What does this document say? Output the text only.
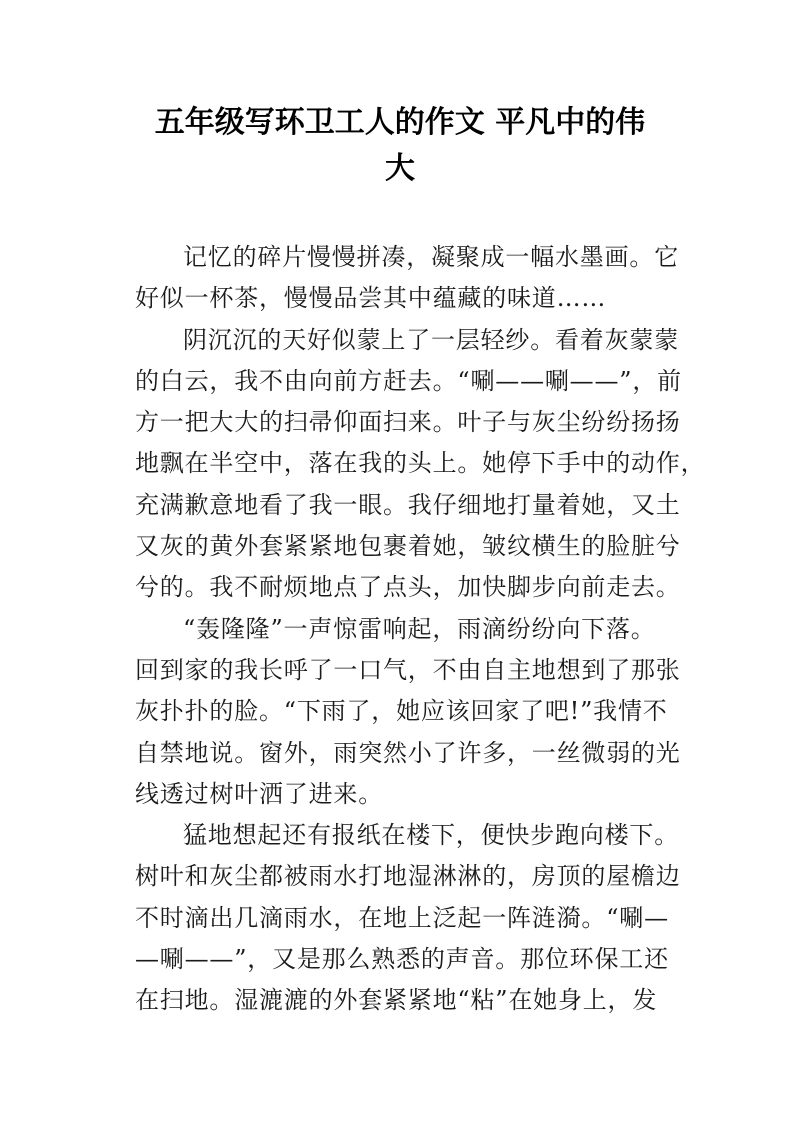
五年级写环卫工人的作文 平凡中的伟
大
记忆的碎片慢慢拼凑，凝聚成一幅水墨画。它
好似一杯茶，慢慢品尝其中蕴藏的味道……
阴沉沉的天好似蒙上了一层轻纱。看着灰蒙蒙
的白云，我不由向前方赶去。“唰——唰——”，前
方一把大大的扫帚仰面扫来。叶子与灰尘纷纷扬扬
地飘在半空中，落在我的头上。她停下手中的动作，
充满歉意地看了我一眼。我仔细地打量着她，又土
又灰的黄外套紧紧地包裹着她，皱纹横生的脸脏兮
兮的。我不耐烦地点了点头，加快脚步向前走去。
“轰隆隆”一声惊雷响起，雨滴纷纷向下落。
回到家的我长呼了一口气，不由自主地想到了那张
灰扑扑的脸。“下雨了，她应该回家了吧!”我情不
自禁地说。窗外，雨突然小了许多，一丝微弱的光
线透过树叶洒了进来。
猛地想起还有报纸在楼下，便快步跑向楼下。
树叶和灰尘都被雨水打地湿淋淋的，房顶的屋檐边
不时滴出几滴雨水，在地上泛起一阵涟漪。“唰—
—唰——”，又是那么熟悉的声音。那位环保工还
在扫地。湿漉漉的外套紧紧地“粘”在她身上，发
